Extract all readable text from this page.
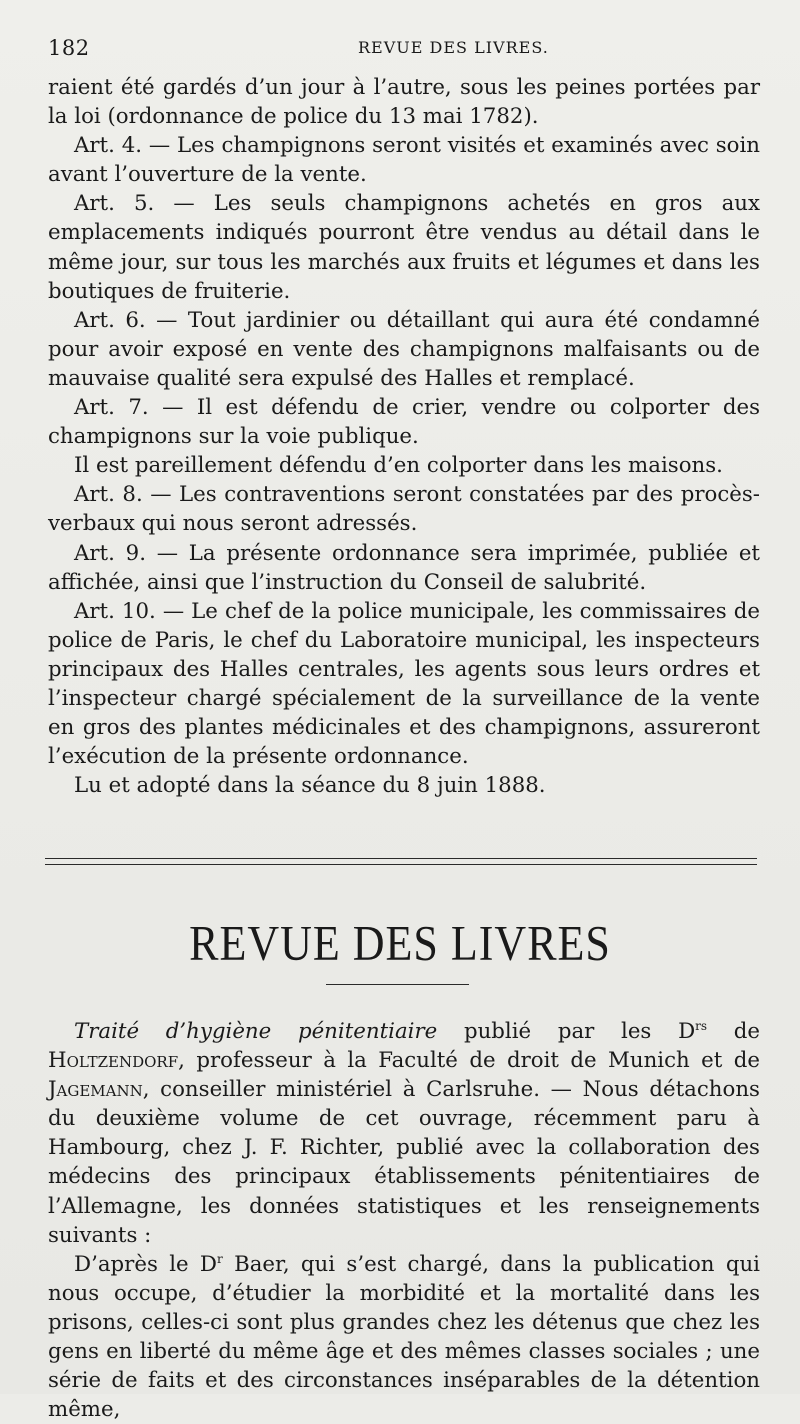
182	REVUE DES LIVRES.

raient été gardés d’un jour à l’autre, sous les peines portées par la loi (ordonnance de police du 13 mai 1782).

Art. 4. — Les champignons seront visités et examinés avec soin avant l’ouverture de la vente.

Art. 5. — Les seuls champignons achetés en gros aux emplacements indiqués pourront être vendus au détail dans le même jour, sur tous les marchés aux fruits et légumes et dans les boutiques de fruiterie.

Art. 6. — Tout jardinier ou détaillant qui aura été condamné pour avoir exposé en vente des champignons malfaisants ou de mauvaise qualité sera expulsé des Halles et remplacé.

Art. 7. — Il est défendu de crier, vendre ou colporter des champignons sur la voie publique.

Il est pareillement défendu d’en colporter dans les maisons.

Art. 8. — Les contraventions seront constatées par des procès-verbaux qui nous seront adressés.

Art. 9. — La présente ordonnance sera imprimée, publiée et affichée, ainsi que l’instruction du Conseil de salubrité.

Art. 10. — Le chef de la police municipale, les commissaires de police de Paris, le chef du Laboratoire municipal, les inspecteurs principaux des Halles centrales, les agents sous leurs ordres et l’inspecteur chargé spécialement de la surveillance de la vente en gros des plantes médicinales et des champignons, assureront l’exécution de la présente ordonnance.

Lu et adopté dans la séance du 8 juin 1888.

REVUE DES LIVRES

Traité d’hygiène pénitentiaire publié par les $D^{rs}$ de Holtzendorf, professeur à la Faculté de droit de Munich et de Jagemann, conseiller ministériel à Carlsruhe. — Nous détachons du deuxième volume de cet ouvrage, récemment paru à Hambourg, chez J. F. Richter, publié avec la collaboration des médecins des principaux établissements pénitentiaires de l’Allemagne, les données statistiques et les renseignements suivants :

D’après le $D^r$ Baer, qui s’est chargé, dans la publication qui nous occupe, d’étudier la morbidité et la mortalité dans les prisons, celles-ci sont plus grandes chez les détenus que chez les gens en liberté du même âge et des mêmes classes sociales ; une série de faits et des circonstances inséparables de la détention même,
